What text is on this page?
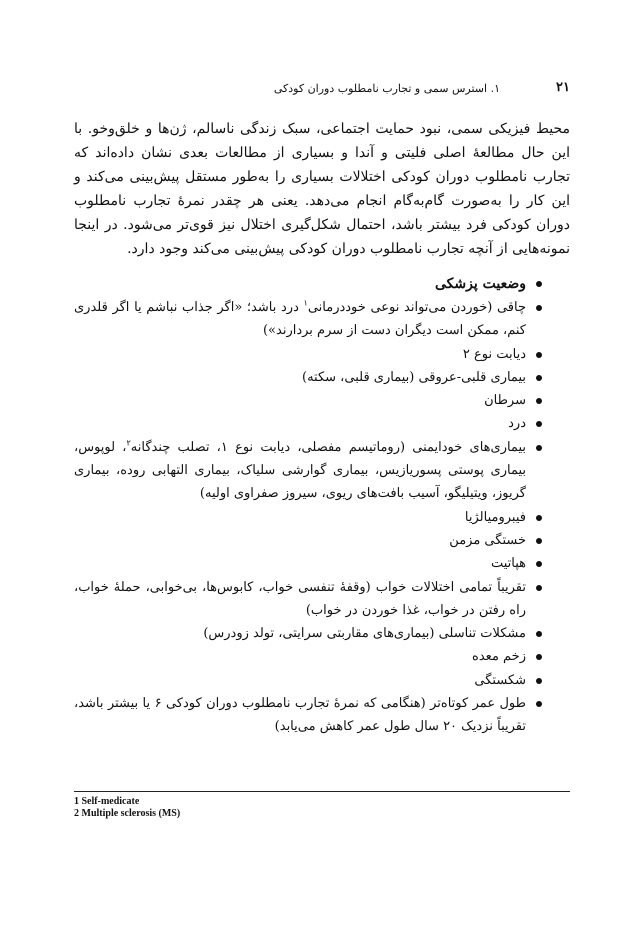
۱. استرس سمی و تجارب نامطلوب دوران کودکی	۲۱

محیط فیزیکی سمی، نبود حمایت اجتماعی، سبک زندگی ناسالم، ژن‌ها و خلق‌وخو. با این حال مطالعهٔ اصلی فلیتی و آندا و بسیاری از مطالعات بعدی نشان داده‌اند که تجارب نامطلوب دوران کودکی اختلالات بسیاری را به‌طور مستقل پیش‌بینی می‌کند و این کار را به‌صورت گام‌به‌گام انجام می‌دهد. یعنی هر چقدر نمرهٔ تجارب نامطلوب دوران کودکی فرد بیشتر باشد، احتمال شکل‌گیری اختلال نیز قوی‌تر می‌شود. در اینجا نمونه‌هایی از آنچه تجارب نامطلوب دوران کودکی پیش‌بینی می‌کند وجود دارد.

وضعیت پزشکی
چاقی (خوردن می‌تواند نوعی خوددرمانی$^۱$ درد باشد؛ «اگر جذاب نباشم یا اگر قلدری کنم، ممکن است دیگران دست از سرم بردارند»)
دیابت نوع ۲
بیماری قلبی-عروقی (بیماری قلبی، سکته)
سرطان
درد
بیماری‌های خودایمنی (روماتیسم مفصلی، دیابت نوع ۱، تصلب چندگانه$^۲$، لوپوس، بیماری پوستی پسوریازیس، بیماری گوارشی سلیاک، بیماری التهابی روده، بیماری گریوز، ویتیلیگو، آسیب بافت‌های ریوی، سیروز صفراوی اولیه)
فیبرومیالژیا
خستگی مزمن
هپاتیت
تقریباً تمامی اختلالات خواب (وقفهٔ تنفسی خواب، کابوس‌ها، بی‌خوابی، حملهٔ خواب، راه رفتن در خواب، غذا خوردن در خواب)
مشکلات تناسلی (بیماری‌های مقاربتی سرایتی، تولد زودرس)
زخم معده
شکستگی
طول عمر کوتاه‌تر (هنگامی که نمرهٔ تجارب نامطلوب دوران کودکی ۶ یا بیشتر باشد، تقریباً نزدیک ۲۰ سال طول عمر کاهش می‌یابد)
1 Self-medicate
2 Multiple sclerosis (MS)
